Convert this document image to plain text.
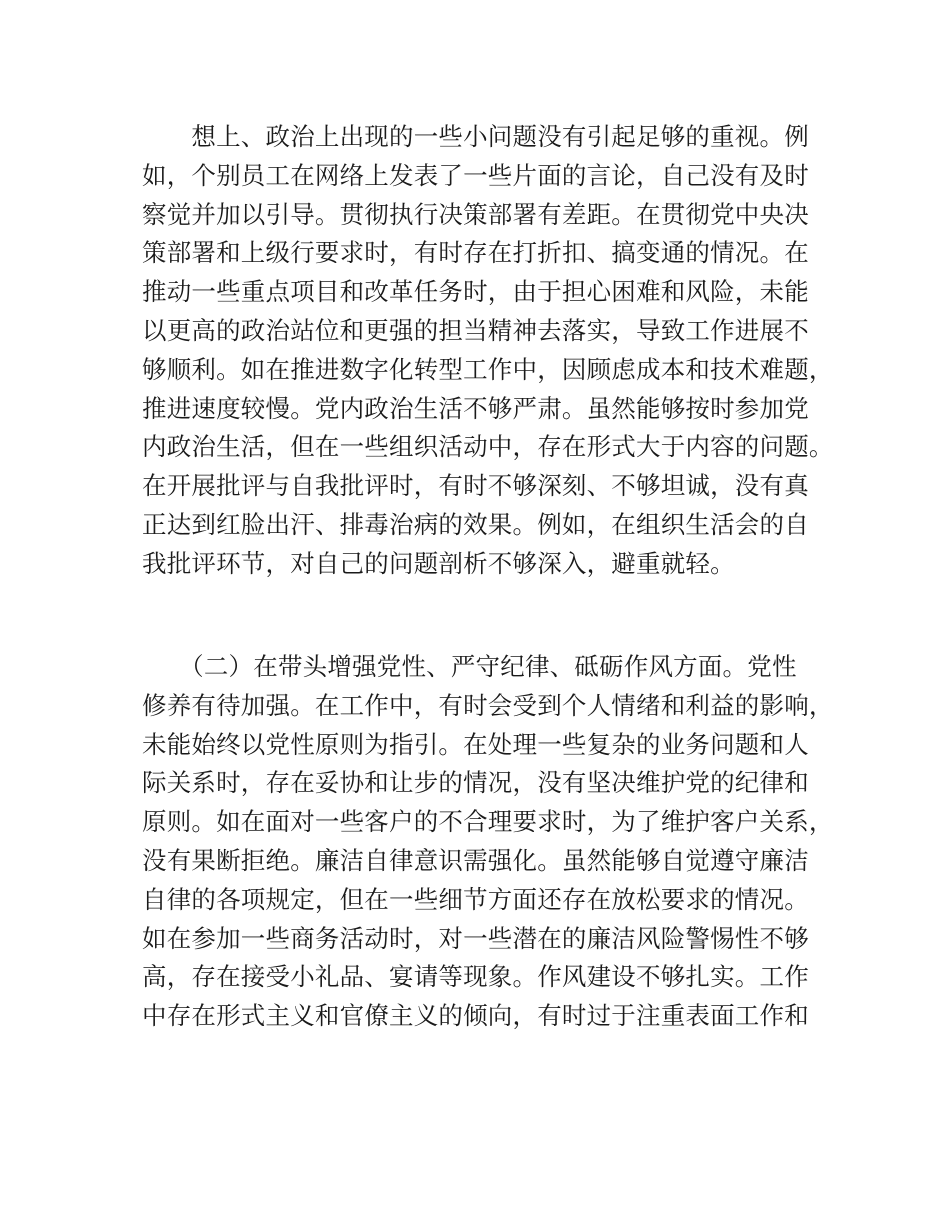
　　想上、政治上出现的一些小问题没有引起足够的重视。例
如，个别员工在网络上发表了一些片面的言论，自己没有及时
察觉并加以引导。贯彻执行决策部署有差距。在贯彻党中央决
策部署和上级行要求时，有时存在打折扣、搞变通的情况。在
推动一些重点项目和改革任务时，由于担心困难和风险，未能
以更高的政治站位和更强的担当精神去落实，导致工作进展不
够顺利。如在推进数字化转型工作中，因顾虑成本和技术难题，
推进速度较慢。党内政治生活不够严肃。虽然能够按时参加党
内政治生活，但在一些组织活动中，存在形式大于内容的问题。
在开展批评与自我批评时，有时不够深刻、不够坦诚，没有真
正达到红脸出汗、排毒治病的效果。例如，在组织生活会的自
我批评环节，对自己的问题剖析不够深入，避重就轻。
　　（二）在带头增强党性、严守纪律、砥砺作风方面。党性
修养有待加强。在工作中，有时会受到个人情绪和利益的影响，
未能始终以党性原则为指引。在处理一些复杂的业务问题和人
际关系时，存在妥协和让步的情况，没有坚决维护党的纪律和
原则。如在面对一些客户的不合理要求时，为了维护客户关系，
没有果断拒绝。廉洁自律意识需强化。虽然能够自觉遵守廉洁
自律的各项规定，但在一些细节方面还存在放松要求的情况。
如在参加一些商务活动时，对一些潜在的廉洁风险警惕性不够
高，存在接受小礼品、宴请等现象。作风建设不够扎实。工作
中存在形式主义和官僚主义的倾向，有时过于注重表面工作和
